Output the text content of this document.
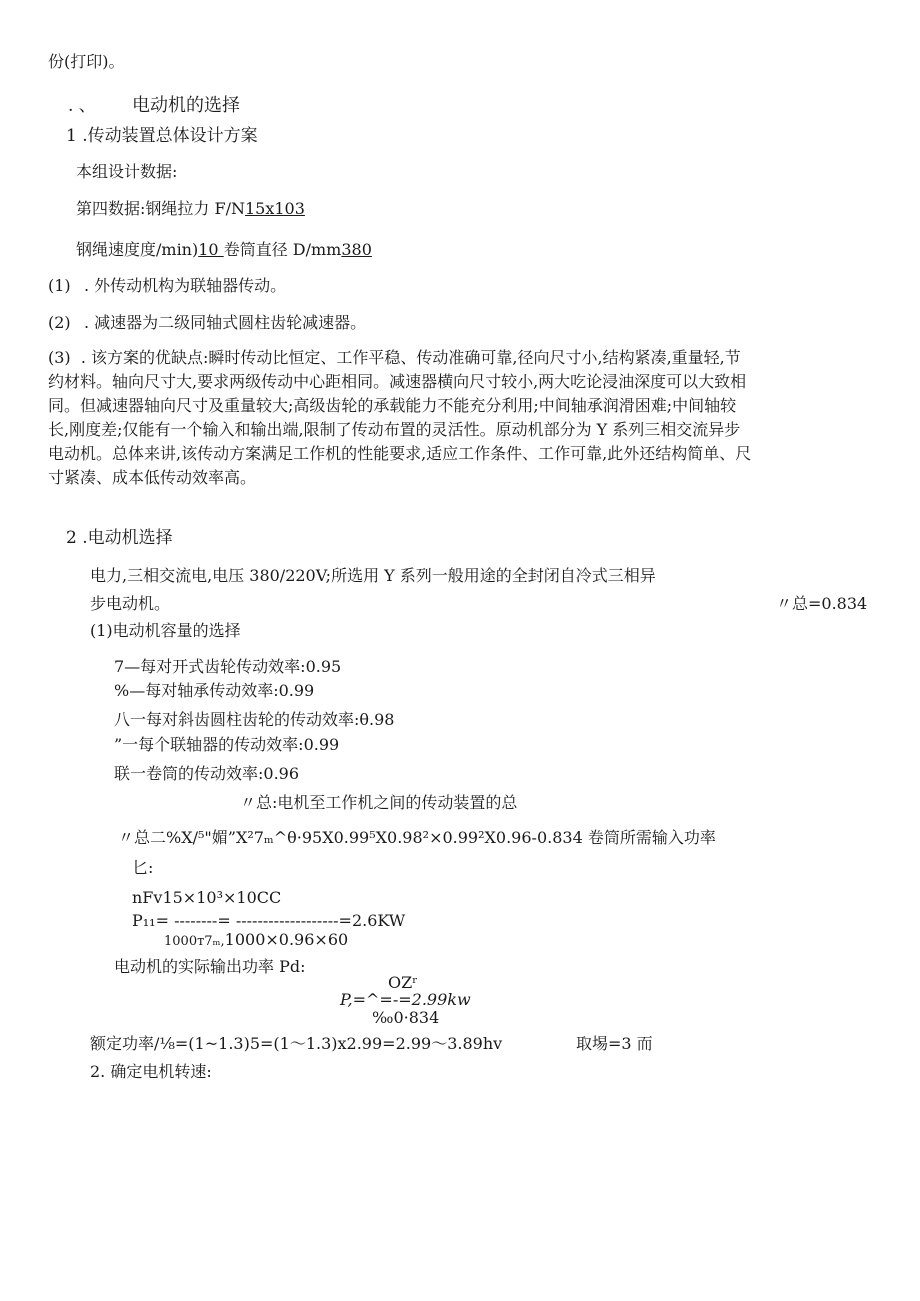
份(打印)。
. 、 电动机的选择
1 .传动装置总体设计方案
本组设计数据:
第四数据:钢绳拉力 F/N15x103
钢绳速度度/min)10 卷筒直径 D/mm380
(1) . 外传动机构为联轴器传动。
(2) . 减速器为二级同轴式圆柱齿轮减速器。
(3) . 该方案的优缺点:瞬时传动比恒定、工作平稳、传动准确可靠,径向尺寸小,结构紧凑,重量轻,节约材料。轴向尺寸大,要求两级传动中心距相同。减速器横向尺寸较小,两大吃论浸油深度可以大致相同。但减速器轴向尺寸及重量较大;高级齿轮的承载能力不能充分利用;中间轴承润滑困难;中间轴较长,刚度差;仅能有一个输入和输出端,限制了传动布置的灵活性。原动机部分为 Y 系列三相交流异步电动机。总体来讲,该传动方案满足工作机的性能要求,适应工作条件、工作可靠,此外还结构简单、尺寸紧凑、成本低传动效率高。
2 .电动机选择
电力,三相交流电,电压 380/220V;所选用 Y 系列一般用途的全封闭自冷式三相异
步电动机。	〃总=0.834
(1)电动机容量的选择
7—每对开式齿轮传动效率:0.95
%—每对轴承传动效率:0.99
八一每对斜齿圆柱齿轮的传动效率:θ.98
”一每个联轴器的传动效率:0.99
联一卷筒的传动效率:0.96
〃总:电机至工作机之间的传动装置的总
〃总二%X/⁵"媚”X²7ₘ^θ·95X0.99⁵X0.98²×0.99²X0.96-0.834 卷筒所需输入功率
匕:
nFv15×10³×10CC
P₁₁= --------= -------------------=2.6KW
1000т7ₘ,1000×0.96×60
电动机的实际输出功率 Pd:
OZʳ
P,=^=-=2.99kw
‰0·834
额定功率/⅛=(1~1.3)5=(1～1.3)x2.99=2.99～3.89hv	取埸=3 而
2. 确定电机转速:
